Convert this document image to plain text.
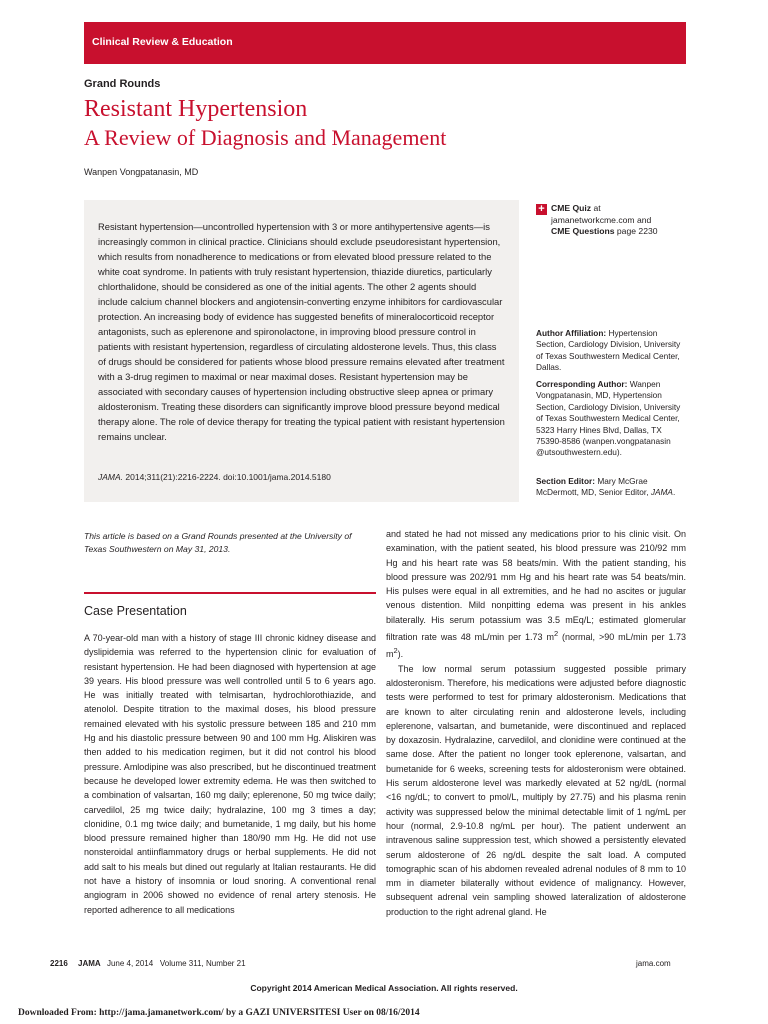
Clinical Review & Education
Grand Rounds
Resistant Hypertension
A Review of Diagnosis and Management
Wanpen Vongpatanasin, MD
Resistant hypertension—uncontrolled hypertension with 3 or more antihypertensive agents—is increasingly common in clinical practice. Clinicians should exclude pseudoresistant hypertension, which results from nonadherence to medications or from elevated blood pressure related to the white coat syndrome. In patients with truly resistant hypertension, thiazide diuretics, particularly chlorthalidone, should be considered as one of the initial agents. The other 2 agents should include calcium channel blockers and angiotensin-converting enzyme inhibitors for cardiovascular protection. An increasing body of evidence has suggested benefits of mineralocorticoid receptor antagonists, such as eplerenone and spironolactone, in improving blood pressure control in patients with resistant hypertension, regardless of circulating aldosterone levels. Thus, this class of drugs should be considered for patients whose blood pressure remains elevated after treatment with a 3-drug regimen to maximal or near maximal doses. Resistant hypertension may be associated with secondary causes of hypertension including obstructive sleep apnea or primary aldosteronism. Treating these disorders can significantly improve blood pressure beyond medical therapy alone. The role of device therapy for treating the typical patient with resistant hypertension remains unclear.
JAMA. 2014;311(21):2216-2224. doi:10.1001/jama.2014.5180
+ CME Quiz at
jamanetworkcme.com and
CME Questions page 2230
Author Affiliation: Hypertension Section, Cardiology Division, University of Texas Southwestern Medical Center, Dallas.
Corresponding Author: Wanpen Vongpatanasin, MD, Hypertension Section, Cardiology Division, University of Texas Southwestern Medical Center, 5323 Harry Hines Blvd, Dallas, TX 75390-8586 (wanpen.vongpatanasin @utsouthwestern.edu).
Section Editor: Mary McGrae McDermott, MD, Senior Editor, JAMA.
This article is based on a Grand Rounds presented at the University of Texas Southwestern on May 31, 2013.
Case Presentation

A 70-year-old man with a history of stage III chronic kidney disease and dyslipidemia was referred to the hypertension clinic for evaluation of resistant hypertension. He had been diagnosed with hypertension at age 39 years. His blood pressure was well controlled until 5 to 6 years ago. He was initially treated with telmisartan, hydrochlorothiazide, and atenolol. Despite titration to the maximal doses, his blood pressure remained elevated with his systolic pressure between 185 and 210 mm Hg and his diastolic pressure between 90 and 100 mm Hg. Aliskiren was then added to his medication regimen, but it did not control his blood pressure. Amlodipine was also prescribed, but he discontinued treatment because he developed lower extremity edema. He was then switched to a combination of valsartan, 160 mg daily; eplerenone, 50 mg twice daily; carvedilol, 25 mg twice daily; hydralazine, 100 mg 3 times a day; clonidine, 0.1 mg twice daily; and bumetanide, 1 mg daily, but his home blood pressure remained higher than 180/90 mm Hg. He did not use nonsteroidal antiinflammatory drugs or herbal supplements. He did not add salt to his meals but dined out regularly at Italian restaurants. He did not have a history of insomnia or loud snoring. A conventional renal angiogram in 2006 showed no evidence of renal artery stenosis. He reported adherence to all medications

and stated he had not missed any medications prior to his clinic visit. On examination, with the patient seated, his blood pressure was 210/92 mm Hg and his heart rate was 58 beats/min. With the patient standing, his blood pressure was 202/91 mm Hg and his heart rate was 54 beats/min. His pulses were equal in all extremities, and he had no ascites or jugular venous distention. Mild nonpitting edema was present in his ankles bilaterally. His serum potassium was 3.5 mEq/L; estimated glomerular filtration rate was 48 mL/min per 1.73 $m^2$ (normal, >90 mL/min per 1.73 $m^2$).

The low normal serum potassium suggested possible primary aldosteronism. Therefore, his medications were adjusted before diagnostic tests were performed to test for primary aldosteronism. Medications that are known to alter circulating renin and aldosterone levels, including eplerenone, valsartan, and bumetanide, were discontinued and replaced by doxazosin. Hydralazine, carvedilol, and clonidine were continued at the same dose. After the patient no longer took eplerenone, valsartan, and bumetanide for 6 weeks, screening tests for aldosteronism were obtained. His serum aldosterone level was markedly elevated at 52 ng/dL (normal <16 ng/dL; to convert to pmol/L, multiply by 27.75) and his plasma renin activity was suppressed below the minimal detectable limit of 1 ng/mL per hour (normal, 2.9-10.8 ng/mL per hour). The patient underwent an intravenous saline suppression test, which showed a persistently elevated serum aldosterone of 26 ng/dL despite the salt load. A computed tomographic scan of his abdomen revealed adrenal nodules of 8 mm to 10 mm in diameter bilaterally without evidence of malignancy. However, subsequent adrenal vein sampling showed lateralization of aldosterone production to the right adrenal gland. He

2216 JAMA June 4, 2014   Volume 311, Number 21	jama.com
Copyright 2014 American Medical Association. All rights reserved.
Downloaded From: http://jama.jamanetwork.com/ by a GAZI UNIVERSITESI User on 08/16/2014
